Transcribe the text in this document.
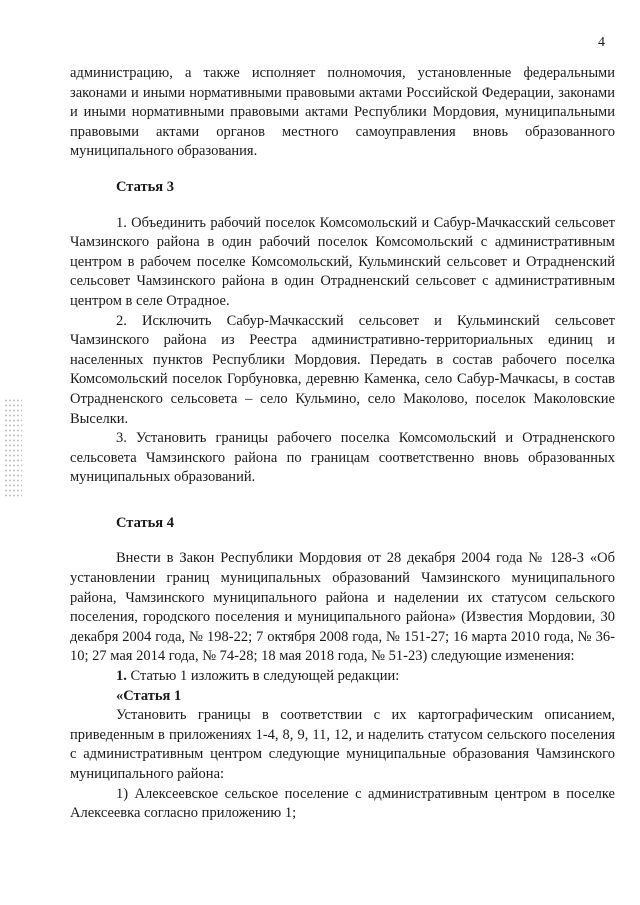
4

администрацию, а также исполняет полномочия, установленные федеральными законами и иными нормативными правовыми актами Российской Федерации, законами и иными нормативными правовыми актами Республики Мордовия, муниципальными правовыми актами органов местного самоуправления вновь образованного муниципального образования.

Статья 3

1. Объединить рабочий поселок Комсомольский и Сабур-Мачкасский сельсовет Чамзинского района в один рабочий поселок Комсомольский с административным центром в рабочем поселке Комсомольский, Кульминский сельсовет и Отрадненский сельсовет Чамзинского района в один Отрадненский сельсовет с административным центром в селе Отрадное.

2. Исключить Сабур-Мачкасский сельсовет и Кульминский сельсовет Чамзинского района из Реестра административно-территориальных единиц и населенных пунктов Республики Мордовия. Передать в состав рабочего поселка Комсомольский поселок Горбуновка, деревню Каменка, село Сабур-Мачкасы, в состав Отрадненского сельсовета – село Кульмино, село Маколово, поселок Маколовские Выселки.

3. Установить границы рабочего поселка Комсомольский и Отрадненского сельсовета Чамзинского района по границам соответственно вновь образованных муниципальных образований.

Статья 4

Внести в Закон Республики Мордовия от 28 декабря 2004 года № 128-З «Об установлении границ муниципальных образований Чамзинского муниципального района, Чамзинского муниципального района и наделении их статусом сельского поселения, городского поселения и муниципального района» (Известия Мордовии, 30 декабря 2004 года, № 198-22; 7 октября 2008 года, № 151-27; 16 марта 2010 года, № 36-10; 27 мая 2014 года, № 74-28; 18 мая 2018 года, № 51-23) следующие изменения:

1. Статью 1 изложить в следующей редакции:

«Статья 1

Установить границы в соответствии с их картографическим описанием, приведенным в приложениях 1-4, 8, 9, 11, 12, и наделить статусом сельского поселения с административным центром следующие муниципальные образования Чамзинского муниципального района:

1) Алексеевское сельское поселение с административным центром в поселке Алексеевка согласно приложению 1;
